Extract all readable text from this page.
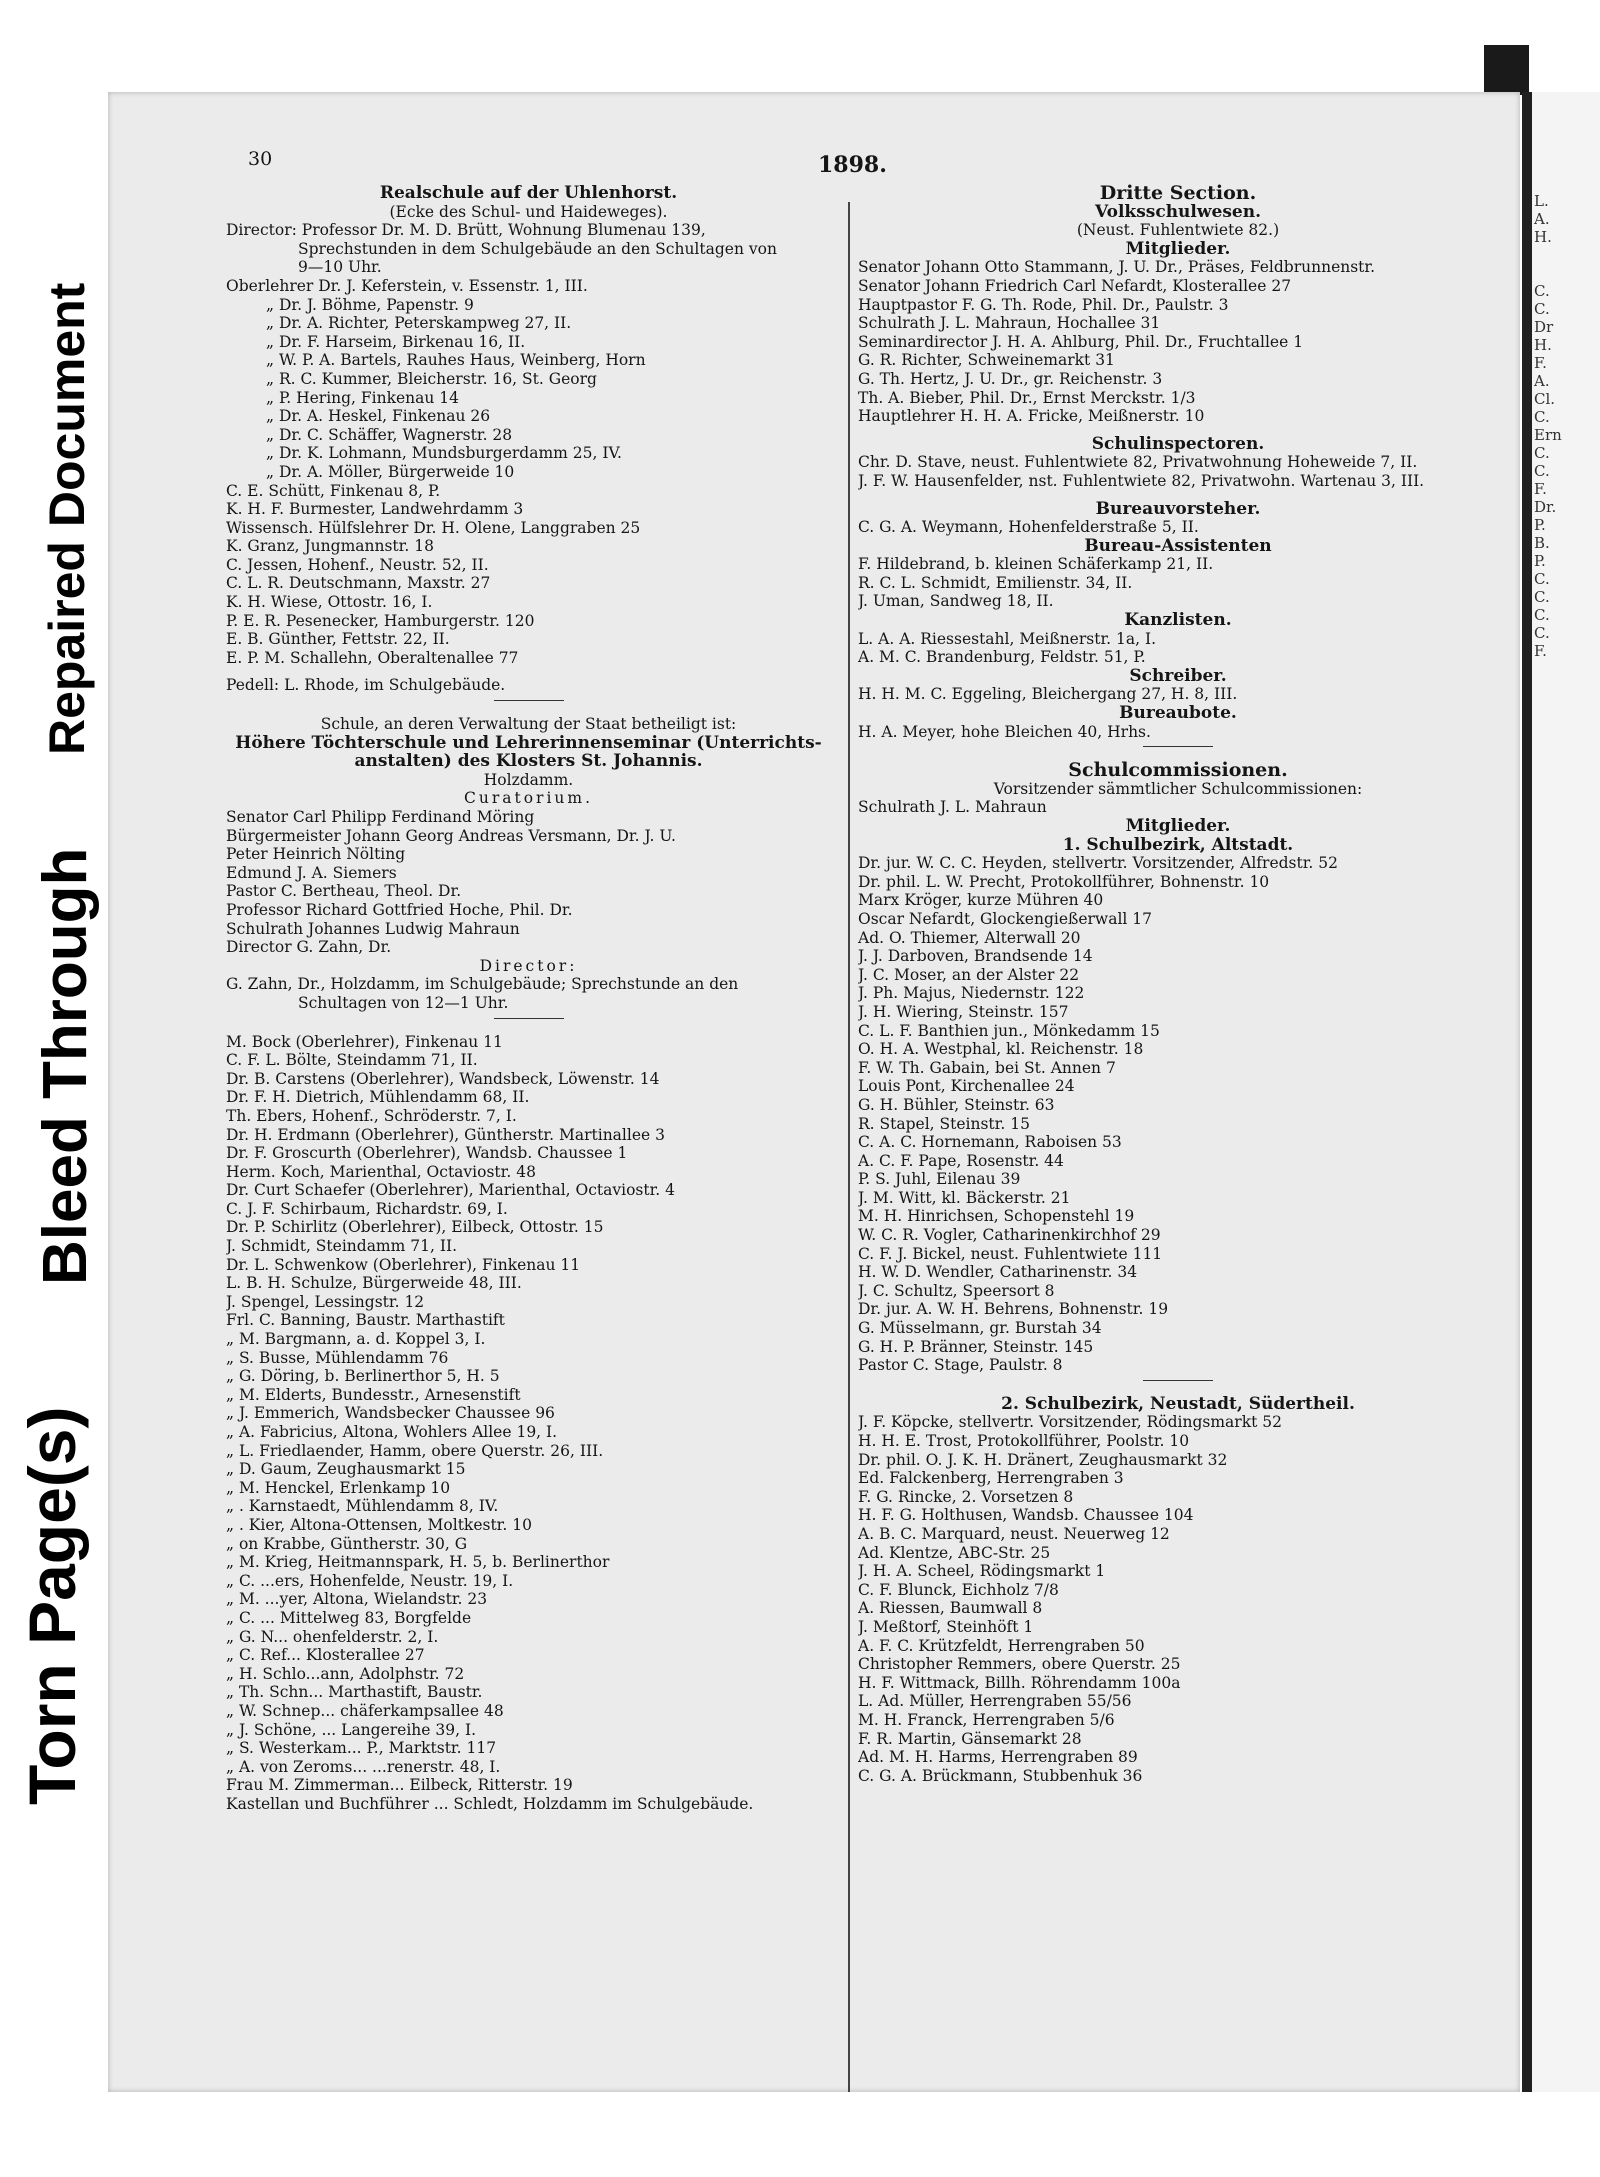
Repaired Document
Bleed Through
Torn Page(s)
30	1898.
Realschule auf der Uhlenhorst.
(Ecke des Schul- und Haideweges).
Director: Professor Dr. M. D. Brütt, Wohnung Blumenau 139,
Sprechstunden in dem Schulgebäude an den Schultagen von
9—10 Uhr.
Oberlehrer Dr. J. Keferstein, v. Essenstr. 1, III.
„ Dr. J. Böhme, Papenstr. 9
„ Dr. A. Richter, Peterskampweg 27, II.
„ Dr. F. Harseim, Birkenau 16, II.
„ W. P. A. Bartels, Rauhes Haus, Weinberg, Horn
„ R. C. Kummer, Bleicherstr. 16, St. Georg
„ P. Hering, Finkenau 14
„ Dr. A. Heskel, Finkenau 26
„ Dr. C. Schäffer, Wagnerstr. 28
„ Dr. K. Lohmann, Mundsburgerdamm 25, IV.
„ Dr. A. Möller, Bürgerweide 10
C. E. Schütt, Finkenau 8, P.
K. H. F. Burmester, Landwehrdamm 3
Wissensch. Hülfslehrer Dr. H. Olene, Langgraben 25
K. Granz, Jungmannstr. 18
C. Jessen, Hohenf., Neustr. 52, II.
C. L. R. Deutschmann, Maxstr. 27
K. H. Wiese, Ottostr. 16, I.
P. E. R. Pesenecker, Hamburgerstr. 120
E. B. Günther, Fettstr. 22, II.
E. P. M. Schallehn, Oberaltenallee 77
Pedell: L. Rhode, im Schulgebäude.
Schule, an deren Verwaltung der Staat betheiligt ist:
Höhere Töchterschule und Lehrerinnenseminar (Unterrichts-
anstalten) des Klosters St. Johannis.
Holzdamm.
Curatorium.
Senator Carl Philipp Ferdinand Möring
Bürgermeister Johann Georg Andreas Versmann, Dr. J. U.
Peter Heinrich Nölting
Edmund J. A. Siemers
Pastor C. Bertheau, Theol. Dr.
Professor Richard Gottfried Hoche, Phil. Dr.
Schulrath Johannes Ludwig Mahraun
Director G. Zahn, Dr.
Director:
G. Zahn, Dr., Holzdamm, im Schulgebäude; Sprechstunde an den
Schultagen von 12—1 Uhr.
M. Bock (Oberlehrer), Finkenau 11
C. F. L. Bölte, Steindamm 71, II.
Dr. B. Carstens (Oberlehrer), Wandsbeck, Löwenstr. 14
Dr. F. H. Dietrich, Mühlendamm 68, II.
Th. Ebers, Hohenf., Schröderstr. 7, I.
Dr. H. Erdmann (Oberlehrer), Güntherstr. Martinallee 3
Dr. F. Groscurth (Oberlehrer), Wandsb. Chaussee 1
Herm. Koch, Marienthal, Octaviostr. 48
Dr. Curt Schaefer (Oberlehrer), Marienthal, Octaviostr. 4
C. J. F. Schirbaum, Richardstr. 69, I.
Dr. P. Schirlitz (Oberlehrer), Eilbeck, Ottostr. 15
J. Schmidt, Steindamm 71, II.
Dr. L. Schwenkow (Oberlehrer), Finkenau 11
L. B. H. Schulze, Bürgerweide 48, III.
J. Spengel, Lessingstr. 12
Frl. C. Banning, Baustr. Marthastift
„ M. Bargmann, a. d. Koppel 3, I.
„ S. Busse, Mühlendamm 76
„ G. Döring, b. Berlinerthor 5, H. 5
„ M. Elderts, Bundesstr., Arnesenstift
„ J. Emmerich, Wandsbecker Chaussee 96
„ A. Fabricius, Altona, Wohlers Allee 19, I.
„ L. Friedlaender, Hamm, obere Querstr. 26, III.
„ D. Gaum, Zeughausmarkt 15
„ M. Henckel, Erlenkamp 10
„ . Karnstaedt, Mühlendamm 8, IV.
„ . Kier, Altona-Ottensen, Moltkestr. 10
„ on Krabbe, Güntherstr. 30, G
„ M. Krieg, Heitmannspark, H. 5, b. Berlinerthor
„ C. ...ers, Hohenfelde, Neustr. 19, I.
„ M. ...yer, Altona, Wielandstr. 23
„ C. ... Mittelweg 83, Borgfelde
„ G. N... ohenfelderstr. 2, I.
„ C. Ref... Klosterallee 27
„ H. Schlo...ann, Adolphstr. 72
„ Th. Schn... Marthastift, Baustr.
„ W. Schnep... chäferkampsallee 48
„ J. Schöne, ... Langereihe 39, I.
„ S. Westerkam... P., Marktstr. 117
„ A. von Zeroms... ...renerstr. 48, I.
Frau M. Zimmerman... Eilbeck, Ritterstr. 19
Kastellan und Buchführer ... Schledt, Holzdamm im Schulgebäude.
Dritte Section.
Volksschulwesen.
(Neust. Fuhlentwiete 82.)
Mitglieder.
Senator Johann Otto Stammann, J. U. Dr., Präses, Feldbrunnenstr.
Senator Johann Friedrich Carl Nefardt, Klosterallee 27
Hauptpastor F. G. Th. Rode, Phil. Dr., Paulstr. 3
Schulrath J. L. Mahraun, Hochallee 31
Seminardirector J. H. A. Ahlburg, Phil. Dr., Fruchtallee 1
G. R. Richter, Schweinemarkt 31
G. Th. Hertz, J. U. Dr., gr. Reichenstr. 3
Th. A. Bieber, Phil. Dr., Ernst Merckstr. 1/3
Hauptlehrer H. H. A. Fricke, Meißnerstr. 10
Schulinspectoren.
Chr. D. Stave, neust. Fuhlentwiete 82, Privatwohnung Hoheweide 7, II.
J. F. W. Hausenfelder, nst. Fuhlentwiete 82, Privatwohn. Wartenau 3, III.
Bureauvorsteher.
C. G. A. Weymann, Hohenfelderstraße 5, II.
Bureau-Assistenten
F. Hildebrand, b. kleinen Schäferkamp 21, II.
R. C. L. Schmidt, Emilienstr. 34, II.
J. Uman, Sandweg 18, II.
Kanzlisten.
L. A. A. Riessestahl, Meißnerstr. 1a, I.
A. M. C. Brandenburg, Feldstr. 51, P.
Schreiber.
H. H. M. C. Eggeling, Bleichergang 27, H. 8, III.
Bureaubote.
H. A. Meyer, hohe Bleichen 40, Hrhs.
Schulcommissionen.
Vorsitzender sämmtlicher Schulcommissionen:
Schulrath J. L. Mahraun
Mitglieder.
1. Schulbezirk, Altstadt.
Dr. jur. W. C. C. Heyden, stellvertr. Vorsitzender, Alfredstr. 52
Dr. phil. L. W. Precht, Protokollführer, Bohnenstr. 10
Marx Kröger, kurze Mühren 40
Oscar Nefardt, Glockengießerwall 17
Ad. O. Thiemer, Alterwall 20
J. J. Darboven, Brandsende 14
J. C. Moser, an der Alster 22
J. Ph. Majus, Niedernstr. 122
J. H. Wiering, Steinstr. 157
C. L. F. Banthien jun., Mönkedamm 15
O. H. A. Westphal, kl. Reichenstr. 18
F. W. Th. Gabain, bei St. Annen 7
Louis Pont, Kirchenallee 24
G. H. Bühler, Steinstr. 63
R. Stapel, Steinstr. 15
C. A. C. Hornemann, Raboisen 53
A. C. F. Pape, Rosenstr. 44
P. S. Juhl, Eilenau 39
J. M. Witt, kl. Bäckerstr. 21
M. H. Hinrichsen, Schopenstehl 19
W. C. R. Vogler, Catharinenkirchhof 29
C. F. J. Bickel, neust. Fuhlentwiete 111
H. W. D. Wendler, Catharinenstr. 34
J. C. Schultz, Speersort 8
Dr. jur. A. W. H. Behrens, Bohnenstr. 19
G. Müsselmann, gr. Burstah 34
G. H. P. Bränner, Steinstr. 145
Pastor C. Stage, Paulstr. 8
2. Schulbezirk, Neustadt, Südertheil.
J. F. Köpcke, stellvertr. Vorsitzender, Rödingsmarkt 52
H. H. E. Trost, Protokollführer, Poolstr. 10
Dr. phil. O. J. K. H. Dränert, Zeughausmarkt 32
Ed. Falckenberg, Herrengraben 3
F. G. Rincke, 2. Vorsetzen 8
H. F. G. Holthusen, Wandsb. Chaussee 104
A. B. C. Marquard, neust. Neuerweg 12
Ad. Klentze, ABC-Str. 25
J. H. A. Scheel, Rödingsmarkt 1
C. F. Blunck, Eichholz 7/8
A. Riessen, Baumwall 8
J. Meßtorf, Steinhöft 1
A. F. C. Krützfeldt, Herrengraben 50
Christopher Remmers, obere Querstr. 25
H. F. Wittmack, Billh. Röhrendamm 100a
L. Ad. Müller, Herrengraben 55/56
M. H. Franck, Herrengraben 5/6
F. R. Martin, Gänsemarkt 28
Ad. M. H. Harms, Herrengraben 89
C. G. A. Brückmann, Stubbenhuk 36
L.
A.
H.

C.
C.
Dr
H.
F.
A.
Cl.
C.
Ern
C.
C.
F.
Dr.
P.
B.
P.
C.
C.
C.
C.
F.
